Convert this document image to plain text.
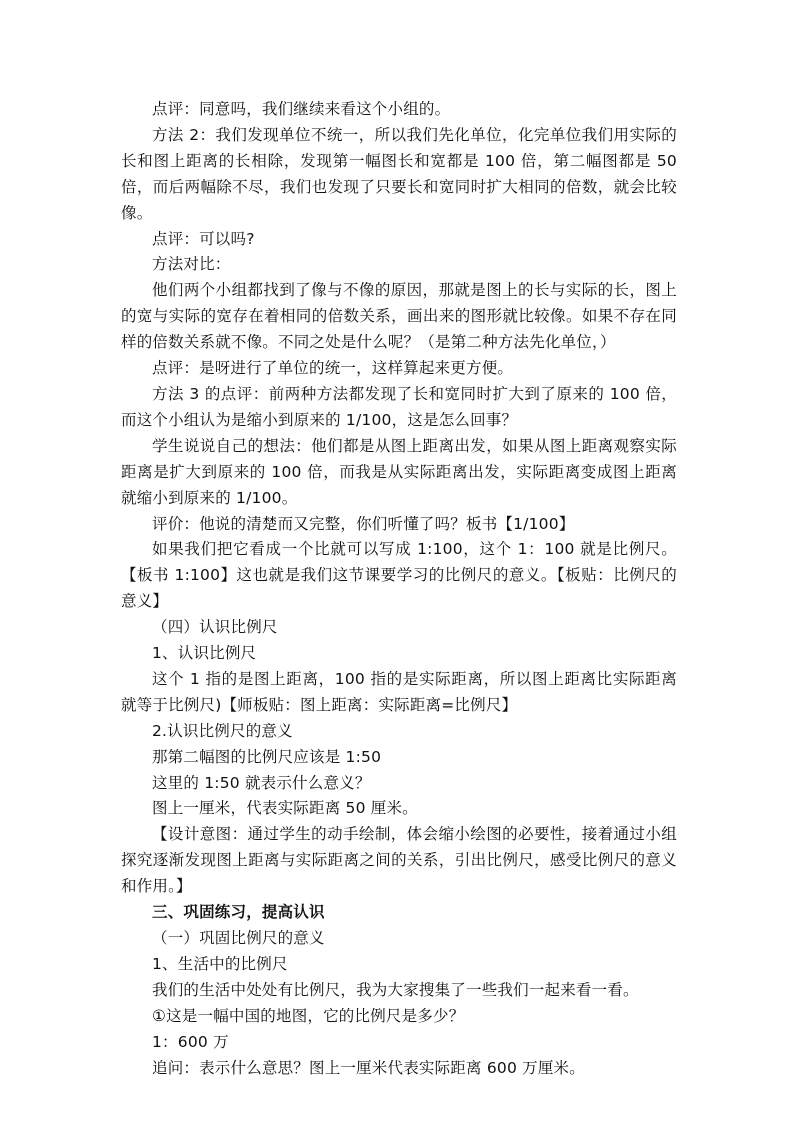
点评：同意吗，我们继续来看这个小组的。

方法 2：我们发现单位不统一，所以我们先化单位，化完单位我们用实际的长和图上距离的长相除，发现第一幅图长和宽都是 100 倍，第二幅图都是 50 倍，而后两幅除不尽，我们也发现了只要长和宽同时扩大相同的倍数，就会比较像。

点评：可以吗?

方法对比：

他们两个小组都找到了像与不像的原因，那就是图上的长与实际的长，图上的宽与实际的宽存在着相同的倍数关系，画出来的图形就比较像。如果不存在同样的倍数关系就不像。不同之处是什么呢？（是第二种方法先化单位，）

点评：是呀进行了单位的统一，这样算起来更方便。

方法 3 的点评：前两种方法都发现了长和宽同时扩大到了原来的 100 倍，而这个小组认为是缩小到原来的 1/100，这是怎么回事？

学生说说自己的想法：他们都是从图上距离出发，如果从图上距离观察实际距离是扩大到原来的 100 倍，而我是从实际距离出发，实际距离变成图上距离就缩小到原来的 1/100。

评价：他说的清楚而又完整，你们听懂了吗？板书【1/100】

如果我们把它看成一个比就可以写成 1:100，这个 1：100 就是比例尺。【板书 1:100】这也就是我们这节课要学习的比例尺的意义。【板贴：比例尺的意义】

（四）认识比例尺

1、认识比例尺

这个 1 指的是图上距离，100 指的是实际距离，所以图上距离比实际距离就等于比例尺)【师板贴：图上距离：实际距离=比例尺】

2.认识比例尺的意义

那第二幅图的比例尺应该是 1:50

这里的 1:50 就表示什么意义？

图上一厘米，代表实际距离 50 厘米。

【设计意图：通过学生的动手绘制，体会缩小绘图的必要性，接着通过小组探究逐渐发现图上距离与实际距离之间的关系，引出比例尺，感受比例尺的意义和作用。】

三、巩固练习，提高认识

（一）巩固比例尺的意义

1、生活中的比例尺

我们的生活中处处有比例尺，我为大家搜集了一些我们一起来看一看。

①这是一幅中国的地图，它的比例尺是多少？

1：600 万

追问：表示什么意思？图上一厘米代表实际距离 600 万厘米。
